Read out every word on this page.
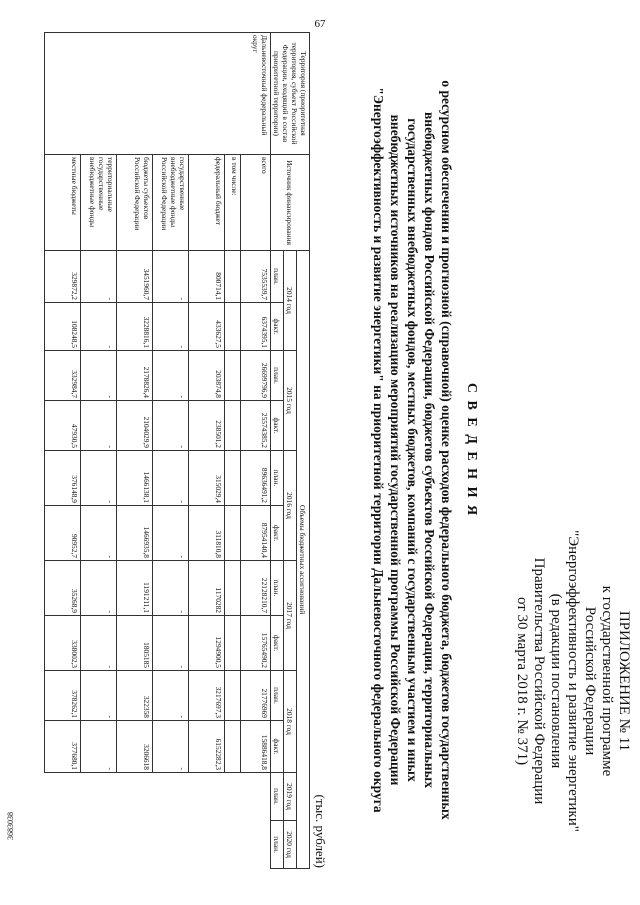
67
3683038
ПРИЛОЖЕНИЕ № 11
к государственной программе
Российской Федерации
"Энергоэффективность и развитие энергетики"
(в редакции постановления
Правительства Российской Федерации
от 30 марта 2018 г. № 371)
С В Е Д Е Н И Я
о ресурсном обеспечении и прогнозной (справочной) оценке расходов федерального бюджета, бюджетов государственных
внебюджетных фондов Российской Федерации, бюджетов субъектов Российской Федерации, территориальных
государственных внебюджетных фондов, местных бюджетов, компаний с государственным участием и иных
внебюджетных источников на реализацию мероприятий государственной программы Российской Федерации
"Энергоэффективность и развитие энергетики" на приоритетной территории Дальневосточного федерального округа
(тыс. рублей)
Территория (приоритетная территория, субъект Российской Федерации, входящий в состав приоритетной территории)	Источник финансирования	Объемы бюджетных ассигнований											
		2014 год		2015 год		2016 год		2017 год		2018 год		2019 год	2020 год
		план.	факт.	план.	факт.	план.	факт.	план.	факт.	план.	факт.	план.	план.
Дальневосточный федеральный округ	всего	7535539,7	6374395,1	26699796,9	25574385,2	89636491,2	87954140,4	22128210,7	15765490,2	21776969	15886418,8		
	в том числе:												
	федеральный бюджет	800714,1	433627,5	203874,8	238501,2	315029,4	311810,8	1170282	1294900,5	3217697,3	6152282,3		
	государственные внебюджетные фонды Российской Федерации	-	-	-	-	-	-	-	-	-	-		
	бюджеты субъектов Российской Федерации	3451960,7	3228816,1	2178826,4	2104029,9	1466138,1	1466935,8	1191211,1	1805185	322358	3206618		
	территориальные государственные внебюджетные фонды	-	-	-	-	-	-	-	-	-	-		
	местные бюджеты	329872,2	108248,5	332984,7	47930,5	376148,9	90952,7	35268,9	338002,3	378262,1	377680,1		
